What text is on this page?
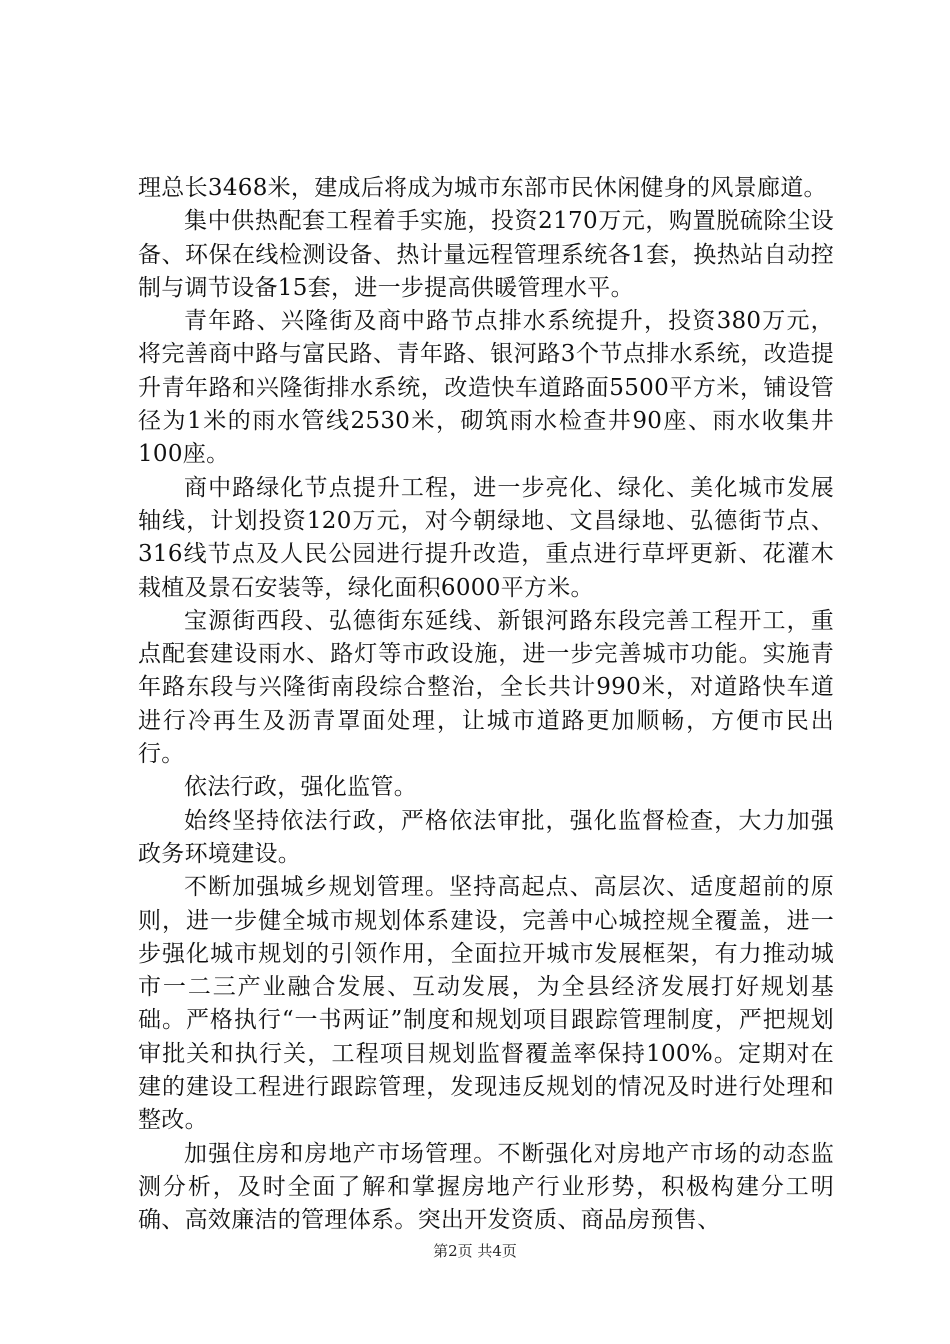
理总长3468米，建成后将成为城市东部市民休闲健身的风景廊道。

集中供热配套工程着手实施，投资2170万元，购置脱硫除尘设备、环保在线检测设备、热计量远程管理系统各1套，换热站自动控制与调节设备15套，进一步提高供暖管理水平。

青年路、兴隆街及商中路节点排水系统提升，投资380万元，将完善商中路与富民路、青年路、银河路3个节点排水系统，改造提升青年路和兴隆街排水系统，改造快车道路面5500平方米，铺设管径为1米的雨水管线2530米，砌筑雨水检查井90座、雨水收集井100座。

商中路绿化节点提升工程，进一步亮化、绿化、美化城市发展轴线，计划投资120万元，对今朝绿地、文昌绿地、弘德街节点、316线节点及人民公园进行提升改造，重点进行草坪更新、花灌木栽植及景石安装等，绿化面积6000平方米。

宝源街西段、弘德街东延线、新银河路东段完善工程开工，重点配套建设雨水、路灯等市政设施，进一步完善城市功能。实施青年路东段与兴隆街南段综合整治，全长共计990米，对道路快车道进行冷再生及沥青罩面处理，让城市道路更加顺畅，方便市民出行。

依法行政，强化监管。

始终坚持依法行政，严格依法审批，强化监督检查，大力加强政务环境建设。

不断加强城乡规划管理。坚持高起点、高层次、适度超前的原则，进一步健全城市规划体系建设，完善中心城控规全覆盖，进一步强化城市规划的引领作用，全面拉开城市发展框架，有力推动城市一二三产业融合发展、互动发展，为全县经济发展打好规划基础。严格执行“一书两证”制度和规划项目跟踪管理制度，严把规划审批关和执行关，工程项目规划监督覆盖率保持100%。定期对在建的建设工程进行跟踪管理，发现违反规划的情况及时进行处理和整改。

加强住房和房地产市场管理。不断强化对房地产市场的动态监测分析，及时全面了解和掌握房地产行业形势，积极构建分工明确、高效廉洁的管理体系。突出开发资质、商品房预售、

第2页 共4页
